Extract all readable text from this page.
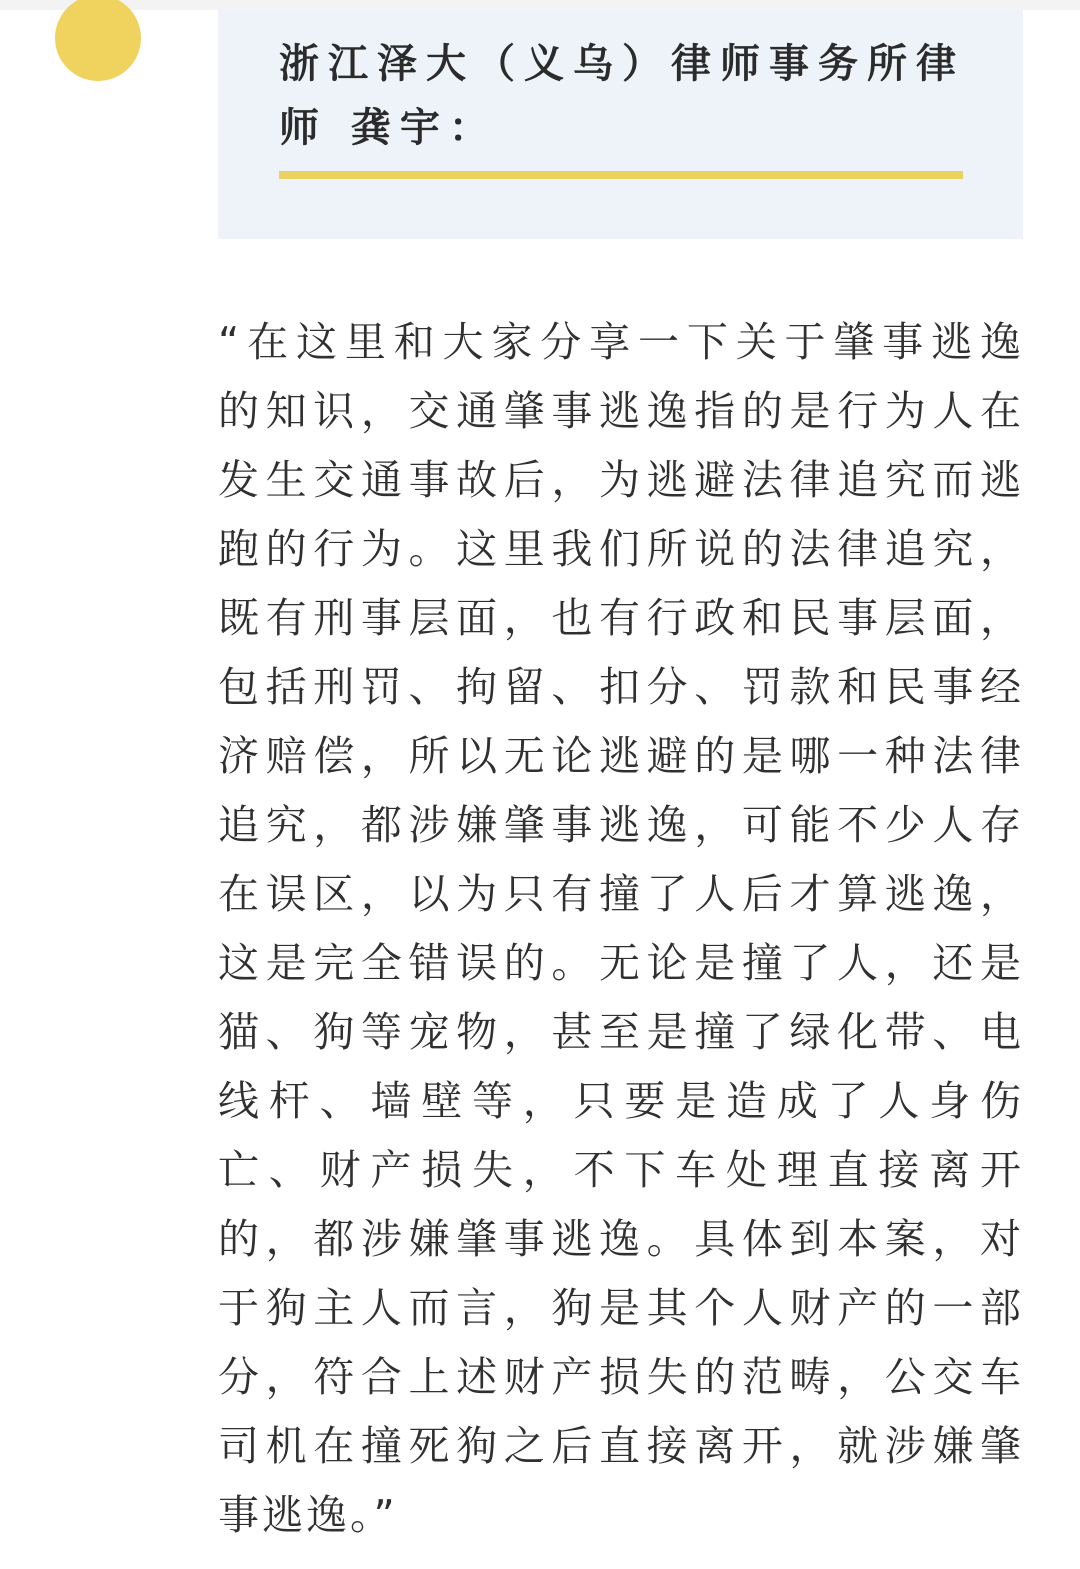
浙江泽大（义乌）律师事务所律
师 龚宇：

“在这里和大家分享一下关于肇事逃逸
的知识，交通肇事逃逸指的是行为人在
发生交通事故后，为逃避法律追究而逃
跑的行为。这里我们所说的法律追究，
既有刑事层面，也有行政和民事层面，
包括刑罚、拘留、扣分、罚款和民事经
济赔偿，所以无论逃避的是哪一种法律
追究，都涉嫌肇事逃逸，可能不少人存
在误区，以为只有撞了人后才算逃逸，
这是完全错误的。无论是撞了人，还是
猫、狗等宠物，甚至是撞了绿化带、电
线杆、墙壁等，只要是造成了人身伤
亡、财产损失，不下车处理直接离开
的，都涉嫌肇事逃逸。具体到本案，对
于狗主人而言，狗是其个人财产的一部
分，符合上述财产损失的范畴，公交车
司机在撞死狗之后直接离开，就涉嫌肇
事逃逸。”
